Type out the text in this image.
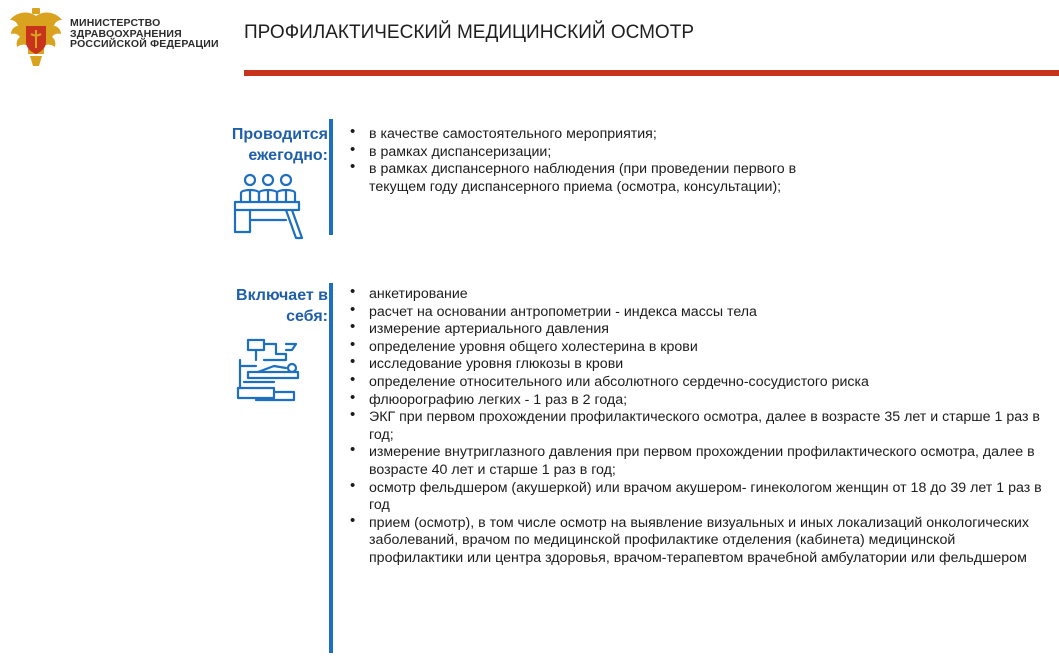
МИНИСТЕРСТВО
ЗДРАВООХРАНЕНИЯ
РОССИЙСКОЙ ФЕДЕРАЦИИ
ПРОФИЛАКТИЧЕСКИЙ МЕДИЦИНСКИЙ ОСМОТР
Проводится
ежегодно:
• в качестве самостоятельного мероприятия;
• в рамках диспансеризации;
• в рамках диспансерного наблюдения (при проведении первого в текущем году диспансерного приема (осмотра, консультации);
Включает в
себя:
• анкетирование
• расчет на основании антропометрии - индекса массы тела
• измерение артериального давления
• определение уровня общего холестерина в крови
• исследование уровня глюкозы в крови
• определение относительного или абсолютного сердечно-сосудистого риска
• флюорографию легких - 1 раз в 2 года;
• ЭКГ при первом прохождении профилактического осмотра, далее в возрасте 35 лет и старше 1 раз в год;
• измерение внутриглазного давления при первом прохождении профилактического осмотра, далее в возрасте 40 лет и старше 1 раз в год;
• осмотр фельдшером (акушеркой) или врачом акушером- гинекологом женщин от 18 до 39 лет 1 раз в год
• прием (осмотр), в том числе осмотр на выявление визуальных и иных локализаций онкологических заболеваний, врачом по медицинской профилактике отделения (кабинета) медицинской профилактики или центра здоровья, врачом-терапевтом врачебной амбулатории или фельдшером
